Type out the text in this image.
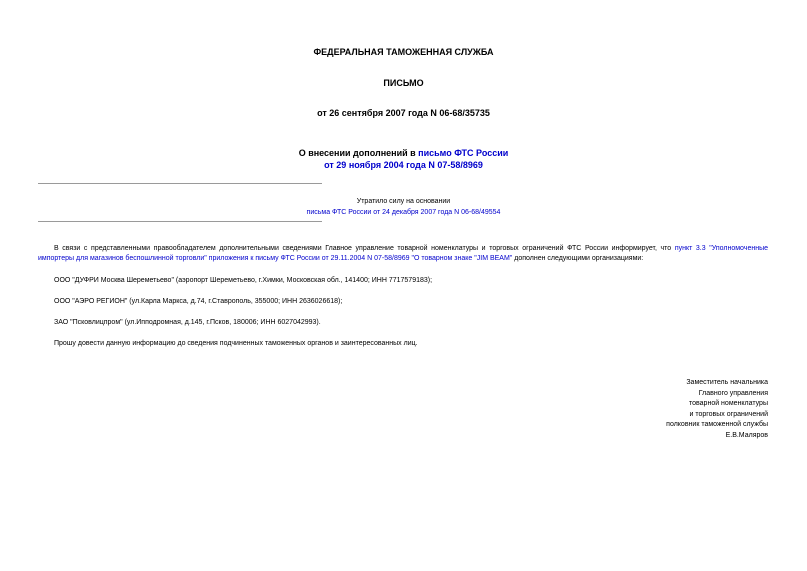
ФЕДЕРАЛЬНАЯ ТАМОЖЕННАЯ СЛУЖБА
ПИСЬМО
от 26 сентября 2007 года N 06-68/35735
О внесении дополнений в письмо ФТС России
от 29 ноября 2004 года N 07-58/8969
Утратило силу на основании
письма ФТС России от 24 декабря 2007 года N 06-68/49554
В связи с представленными правообладателем дополнительными сведениями Главное управление товарной номенклатуры и торговых ограничений ФТС России информирует, что пункт 3.3 "Уполномоченные импортеры для магазинов беспошлинной торговли" приложения к письму ФТС России от 29.11.2004 N 07-58/8969 "О товарном знаке "JIM BEAM" дополнен следующими организациями:
ООО "ДУФРИ Москва Шереметьево" (аэропорт Шереметьево, г.Химки, Московская обл., 141400; ИНН 7717579183);
ООО "АЭРО РЕГИОН" (ул.Карла Маркса, д.74, г.Ставрополь, 355000; ИНН 2636026618);
ЗАО "Псковлицпром" (ул.Ипподромная, д.145, г.Псков, 180006; ИНН 6027042993).
Прошу довести данную информацию до сведения подчиненных таможенных органов и заинтересованных лиц.
Заместитель начальника
Главного управления
товарной номенклатуры
и торговых ограничений
полковник таможенной службы
Е.В.Маляров
